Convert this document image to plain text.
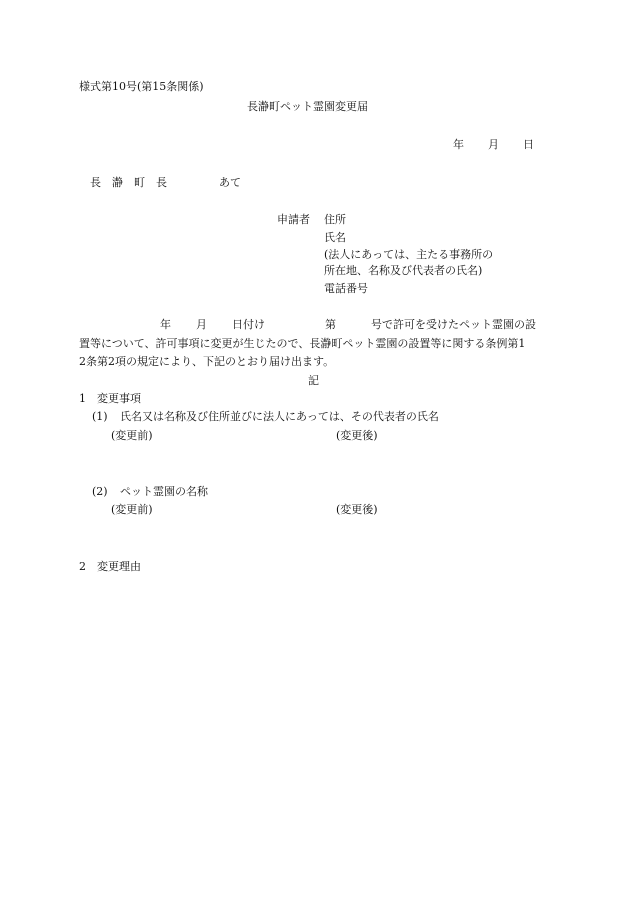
様式第10号(第15条関係)
長瀞町ペット霊園変更届
年 月 日
長　瀞　町　長	あて
申請者 住所
氏名
(法人にあっては、主たる事務所の
所在地、名称及び代表者の氏名)
電話番号
年 月 日付け	第	号で許可を受けたペット霊園の設
置等について、許可事項に変更が生じたので、長瀞町ペット霊園の設置等に関する条例第1
2条第2項の規定により、下記のとおり届け出ます。
記
1 変更事項
(1) 氏名又は名称及び住所並びに法人にあっては、その代表者の氏名
(変更前)	(変更後)
(2) ペット霊園の名称
(変更前)	(変更後)
2 変更理由
